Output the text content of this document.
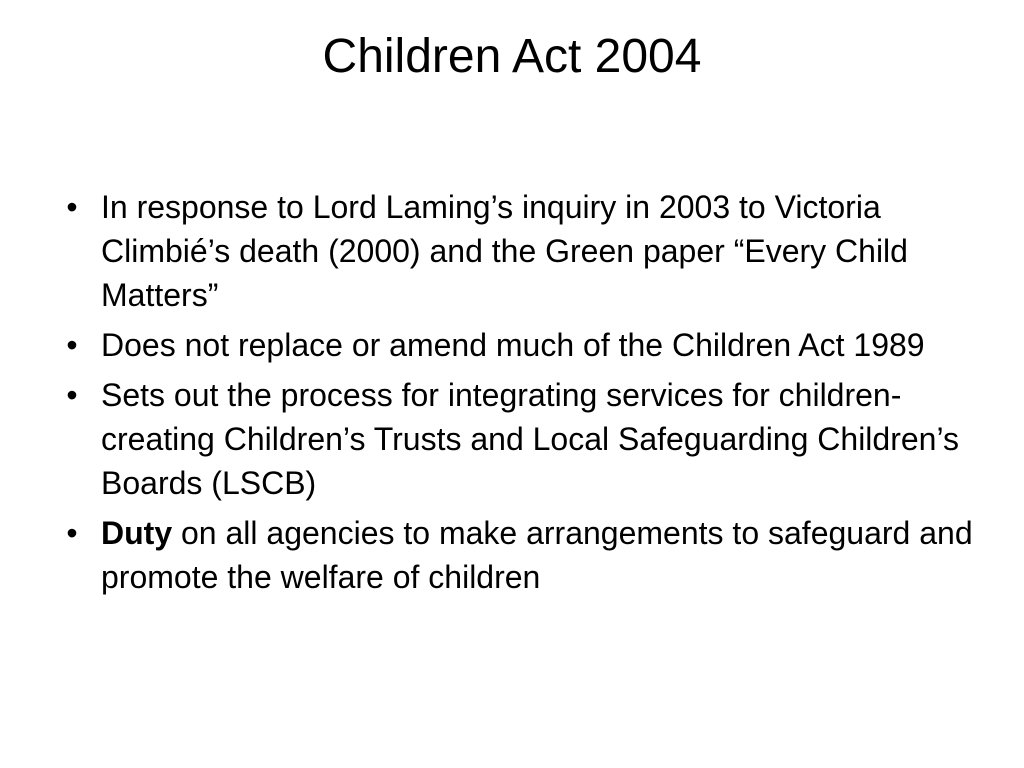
Children Act 2004
• In response to Lord Laming’s inquiry in 2003 to Victoria Climbié’s death (2000) and the Green paper “Every Child Matters”
• Does not replace or amend much of the Children Act 1989
• Sets out the process for integrating services for children- creating Children’s Trusts and Local Safeguarding Children’s Boards (LSCB)
• Duty on all agencies to make arrangements to safeguard and promote the welfare of children
